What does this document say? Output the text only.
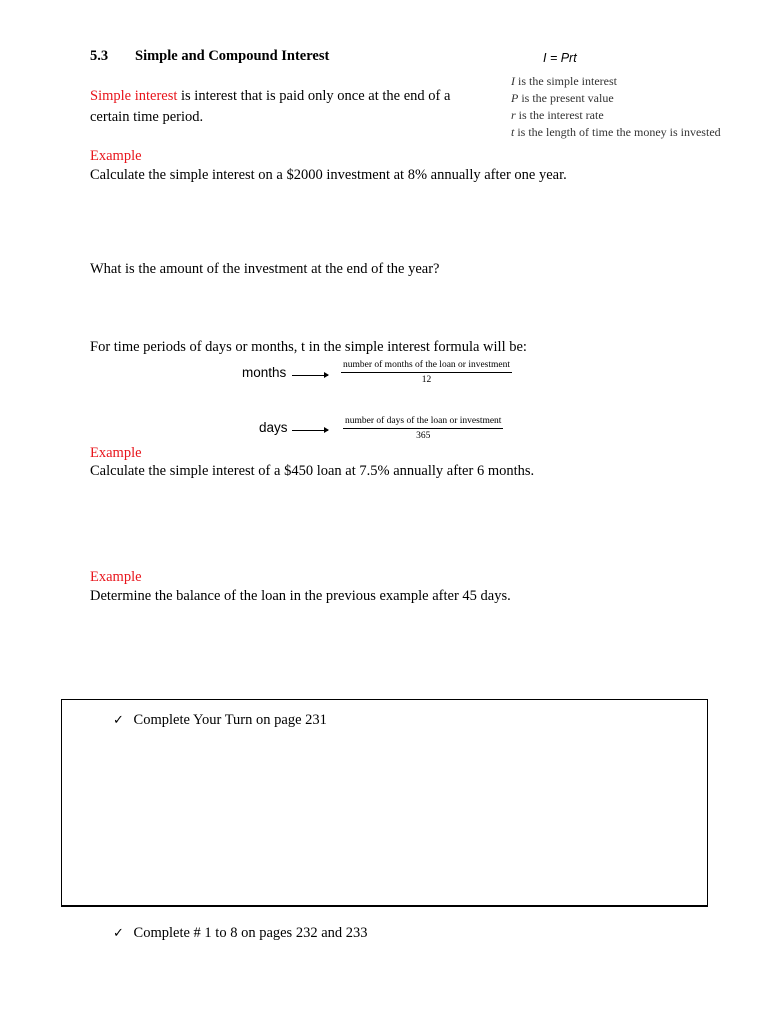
5.3 Simple and Compound Interest	I = Prt
I is the simple interest
P is the present value
r is the interest rate
t is the length of time the money is invested
Simple interest is interest that is paid only once at the end of a
certain time period.
Example
Calculate the simple interest on a $2000 investment at 8% annually after one year.
What is the amount of the investment at the end of the year?
For time periods of days or months, t in the simple interest formula will be:
months	number of months of the loan or investment
12
days	number of days of the loan or investment
365
Example
Calculate the simple interest of a $450 loan at 7.5% annually after 6 months.
Example
Determine the balance of the loan in the previous example after 45 days.
✓ Complete Your Turn on page 231
✓ Complete # 1 to 8 on pages 232 and 233
